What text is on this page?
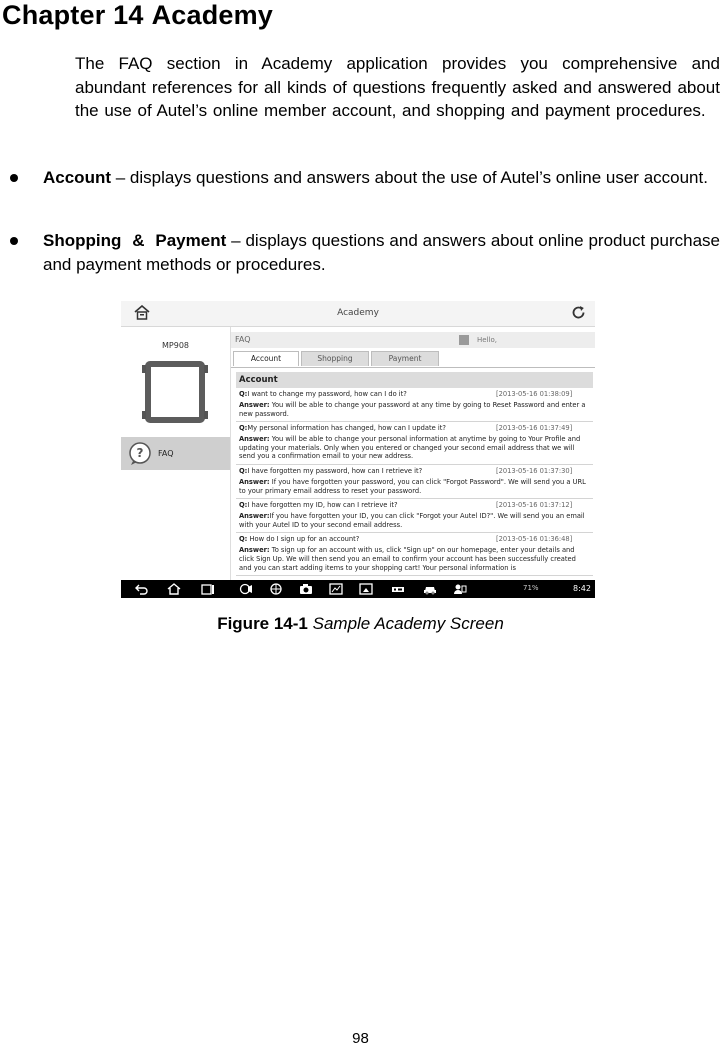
Chapter 14 Academy

The FAQ section in Academy application provides you comprehensive and abundant references for all kinds of questions frequently asked and answered about the use of Autel’s online member account, and shopping and payment procedures.

Account – displays questions and answers about the use of Autel’s online user account.

Shopping & Payment – displays questions and answers about online product purchase and payment methods or procedures.

Academy
MP908
? FAQ
FAQ	Hello,
Account	Shopping	Payment
Account
Q:I want to change my password, how can I do it?	[2013-05-16 01:38:09]
Answer: You will be able to change your password at any time by going to Reset Password and enter a new password.
Q:My personal information has changed, how can I update it?	[2013-05-16 01:37:49]
Answer: You will be able to change your personal information at anytime by going to Your Profile and updating your materials. Only when you entered or changed your second email address that we will send you a confirmation email to your new address.
Q:I have forgotten my password, how can I retrieve it?	[2013-05-16 01:37:30]
Answer: If you have forgotten your password, you can click "Forgot Password". We will send you a URL to your primary email address to reset your password.
Q:I have forgotten my ID, how can I retrieve it?	[2013-05-16 01:37:12]
Answer:If you have forgotten your ID, you can click "Forgot your Autel ID?". We will send you an email with your Autel ID to your second email address.
Q: How do I sign up for an account?	[2013-05-16 01:36:48]
Answer: To sign up for an account with us, click "Sign up" on our homepage, enter your details and click Sign Up. We will then send you an email to confirm your account has been successfully created and you can start adding items to your shopping cart! Your personal information is
71%	8:42

Figure 14-1 Sample Academy Screen

98
